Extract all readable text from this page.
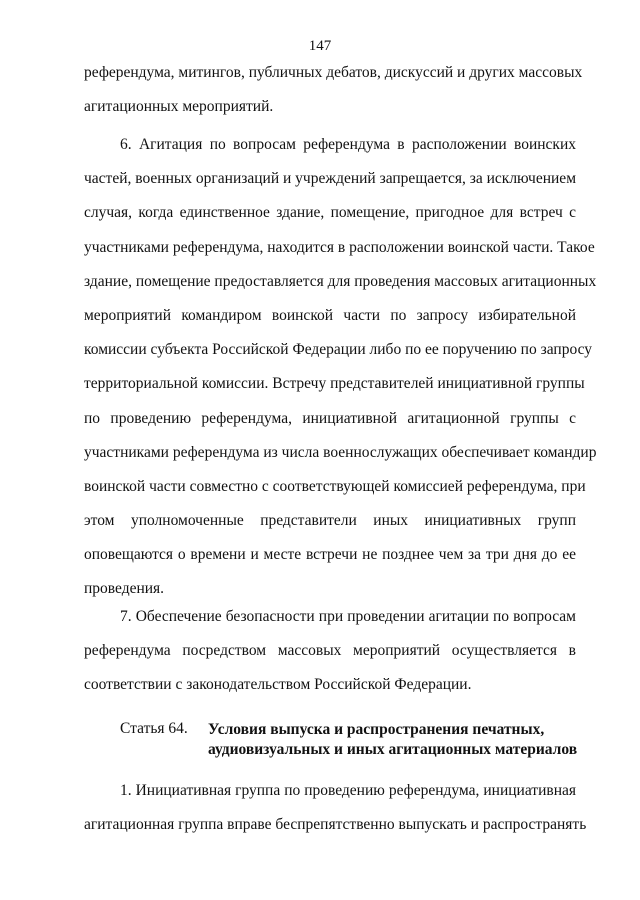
147
референдума, митингов, публичных дебатов, дискуссий и других массовых
агитационных мероприятий.
6. Агитация по вопросам референдума в расположении воинских
частей, военных организаций и учреждений запрещается, за исключением
случая, когда единственное здание, помещение, пригодное для встреч с
участниками референдума, находится в расположении воинской части. Такое
здание, помещение предоставляется для проведения массовых агитационных
мероприятий командиром воинской части по запросу избирательной
комиссии субъекта Российской Федерации либо по ее поручению по запросу
территориальной комиссии. Встречу представителей инициативной группы
по проведению референдума, инициативной агитационной группы с
участниками референдума из числа военнослужащих обеспечивает командир
воинской части совместно с соответствующей комиссией референдума, при
этом уполномоченные представители иных инициативных групп
оповещаются о времени и месте встречи не позднее чем за три дня до ее
проведения.
7. Обеспечение безопасности при проведении агитации по вопросам
референдума посредством массовых мероприятий осуществляется в
соответствии с законодательством Российской Федерации.
Статья 64. Условия выпуска и распространения печатных,
аудиовизуальных и иных агитационных материалов
1. Инициативная группа по проведению референдума, инициативная
агитационная группа вправе беспрепятственно выпускать и распространять
